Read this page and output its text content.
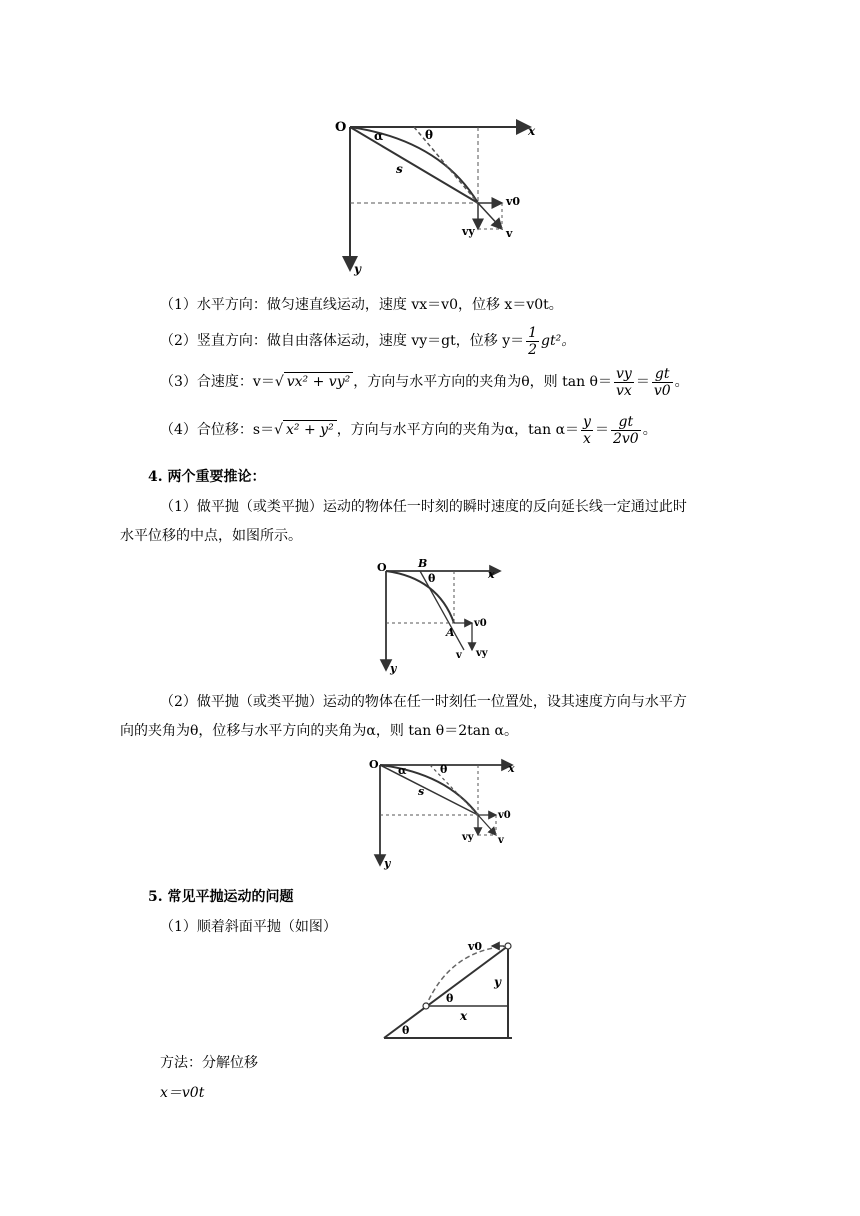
O	x
y
α	θ
s
v0
vy	v
（1）水平方向：做匀速直线运动，速度 vx＝v0，位移 x＝v0t。
（2）竖直方向：做自由落体运动，速度 vy＝gt，位移 $y= \frac{1}{2} gt^2$。
（3）合速度：v＝√ vx² + vy² ，方向与水平方向的夹角为θ，则 $\tan \theta= \frac{vy}{vx} = \frac{gt}{v0}$ 。
（4）合位移：s＝√ x² + y² ，方向与水平方向的夹角为α，$\tan \alpha= \frac{y}{x} = \frac{gt}{2v0}$ 。
4. 两个重要推论：
（1）做平抛（或类平抛）运动的物体任一时刻的瞬时速度的反向延长线一定通过此时
水平位移的中点，如图所示。
O	B
θ	x
A
v0
v vy
y
（2）做平抛（或类平抛）运动的物体在任一时刻任一位置处，设其速度方向与水平方
向的夹角为θ，位移与水平方向的夹角为α，则 tan θ＝2tan α。
O α	θ	x
s
v0
vy v
y
5. 常见平抛运动的问题
（1）顺着斜面平抛（如图）
v0
y
θ
x
θ
方法：分解位移
x＝v0t
